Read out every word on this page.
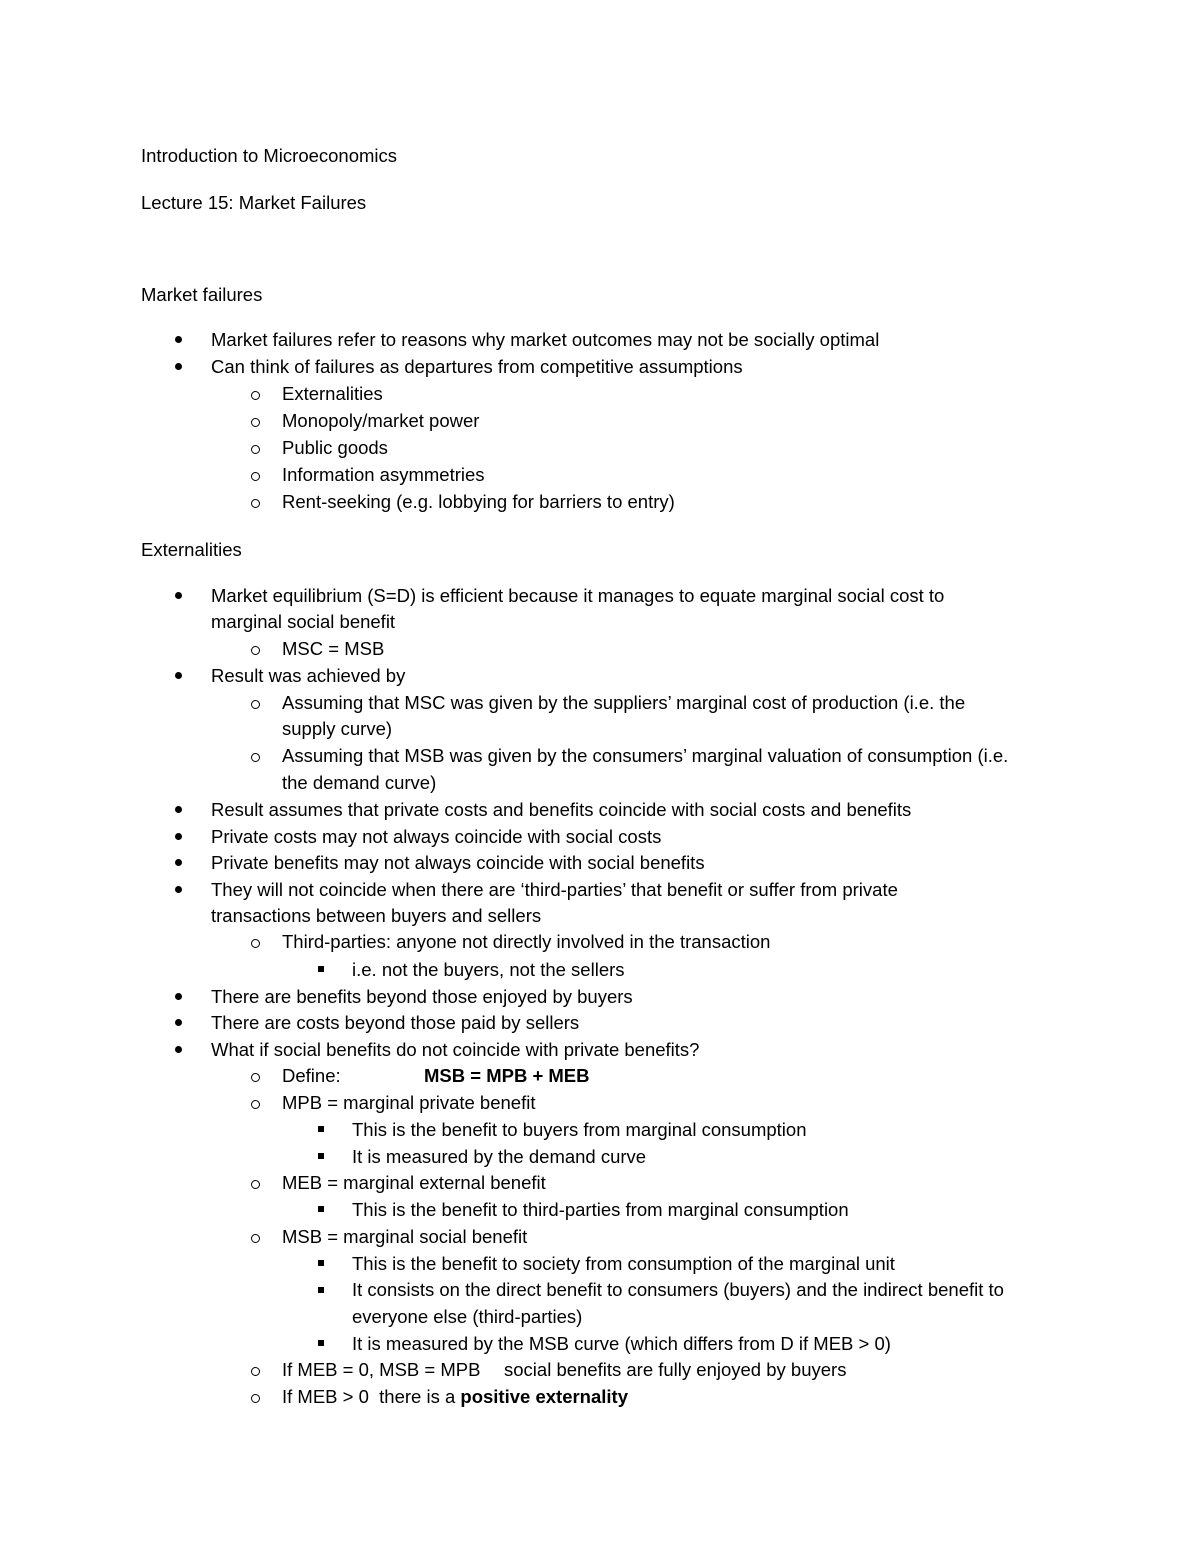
Introduction to Microeconomics
Lecture 15: Market Failures
Market failures
Market failures refer to reasons why market outcomes may not be socially optimal
Can think of failures as departures from competitive assumptions
Externalities
Monopoly/market power
Public goods
Information asymmetries
Rent-seeking (e.g. lobbying for barriers to entry)
Externalities
Market equilibrium (S=D) is efficient because it manages to equate marginal social cost to
marginal social benefit
MSC = MSB
Result was achieved by
Assuming that MSC was given by the suppliers’ marginal cost of production (i.e. the
supply curve)
Assuming that MSB was given by the consumers’ marginal valuation of consumption (i.e.
the demand curve)
Result assumes that private costs and benefits coincide with social costs and benefits
Private costs may not always coincide with social costs
Private benefits may not always coincide with social benefits
They will not coincide when there are ‘third-parties’ that benefit or suffer from private
transactions between buyers and sellers
Third-parties: anyone not directly involved in the transaction
i.e. not the buyers, not the sellers
There are benefits beyond those enjoyed by buyers
There are costs beyond those paid by sellers
What if social benefits do not coincide with private benefits?
Define:	MSB = MPB + MEB
MPB = marginal private benefit
This is the benefit to buyers from marginal consumption
It is measured by the demand curve
MEB = marginal external benefit
This is the benefit to third-parties from marginal consumption
MSB = marginal social benefit
This is the benefit to society from consumption of the marginal unit
It consists on the direct benefit to consumers (buyers) and the indirect benefit to
everyone else (third-parties)
It is measured by the MSB curve (which differs from D if MEB > 0)
If MEB = 0, MSB = MPB social benefits are fully enjoyed by buyers
If MEB > 0  there is a positive externality
